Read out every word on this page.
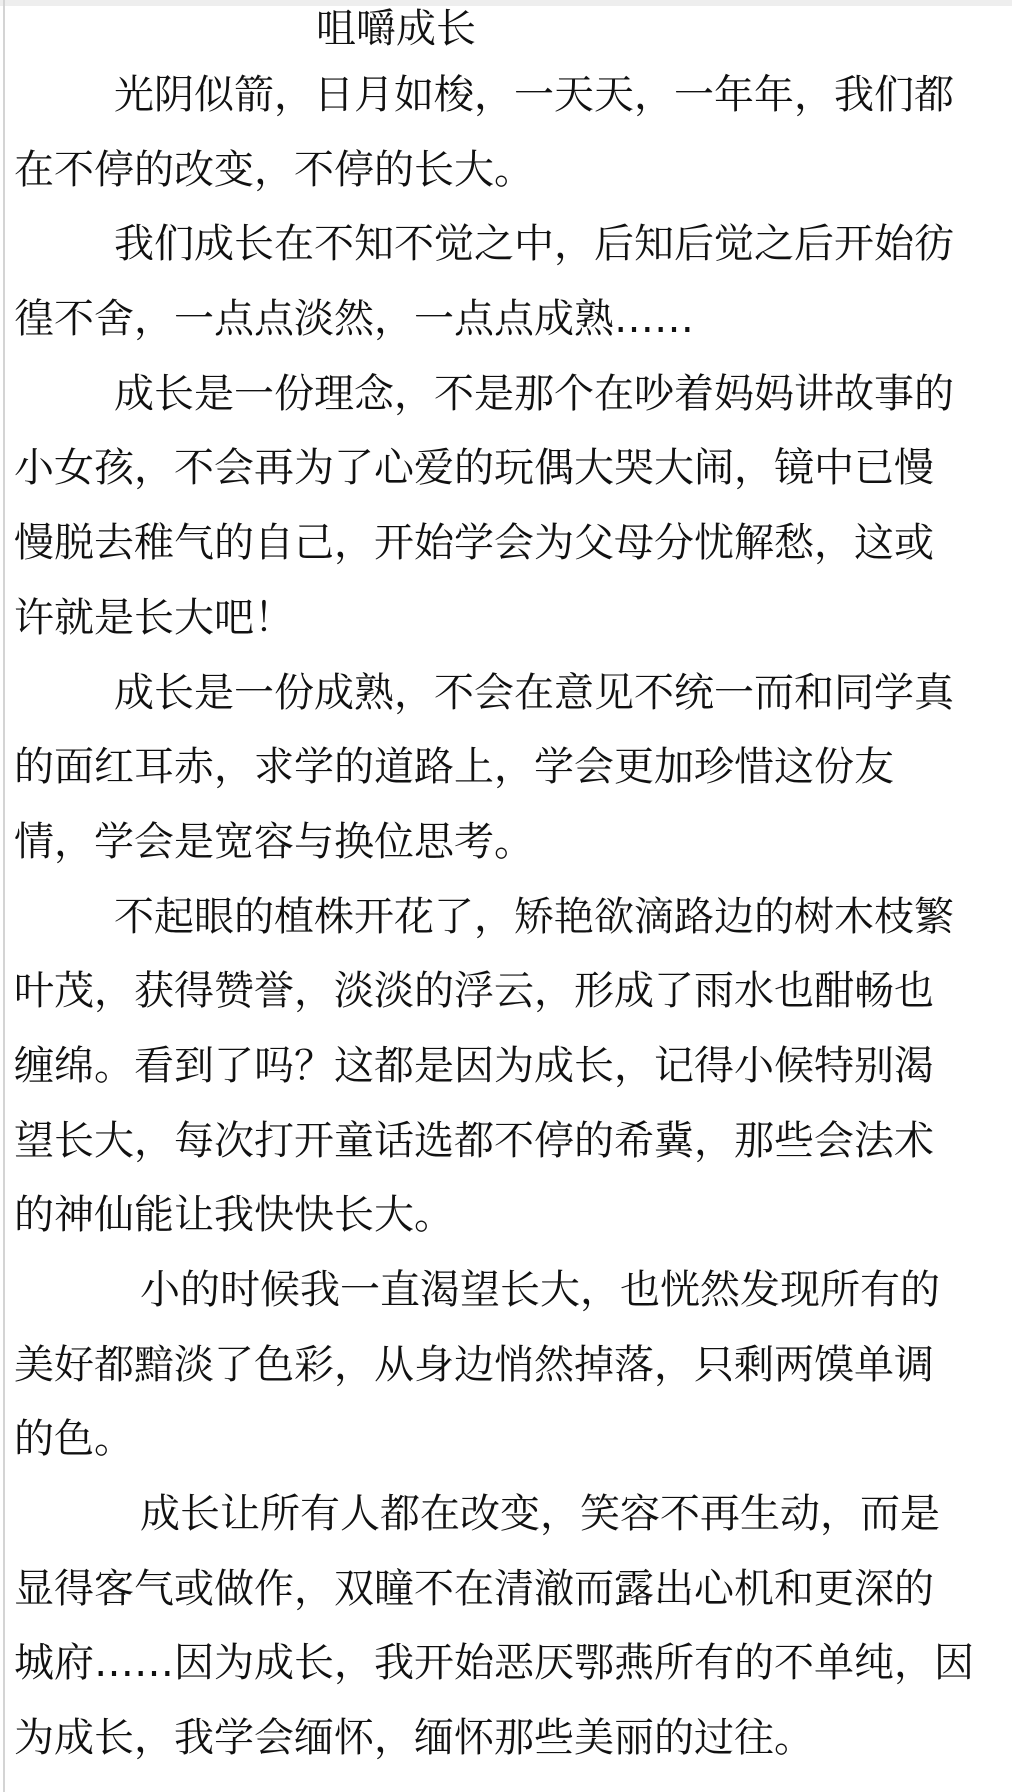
咀嚼成长
光阴似箭，日月如梭，一天天，一年年，我们都
在不停的改变，不停的长大。
我们成长在不知不觉之中，后知后觉之后开始彷
徨不舍，一点点淡然，一点点成熟……
成长是一份理念，不是那个在吵着妈妈讲故事的
小女孩，不会再为了心爱的玩偶大哭大闹，镜中已慢
慢脱去稚气的自己，开始学会为父母分忧解愁，这或
许就是长大吧！
成长是一份成熟，不会在意见不统一而和同学真
的面红耳赤，求学的道路上，学会更加珍惜这份友
情，学会是宽容与换位思考。
不起眼的植株开花了，矫艳欲滴路边的树木枝繁
叶茂，获得赞誉，淡淡的浮云，形成了雨水也酣畅也
缠绵。看到了吗？这都是因为成长，记得小候特别渴
望长大，每次打开童话选都不停的希冀，那些会法术
的神仙能让我快快长大。
小的时候我一直渴望长大，也恍然发现所有的
美好都黯淡了色彩，从身边悄然掉落，只剩两馍单调
的色。
成长让所有人都在改变，笑容不再生动，而是
显得客气或做作，双瞳不在清澈而露出心机和更深的
城府……因为成长，我开始恶厌鄂燕所有的不单纯，因
为成长，我学会缅怀，缅怀那些美丽的过往。
